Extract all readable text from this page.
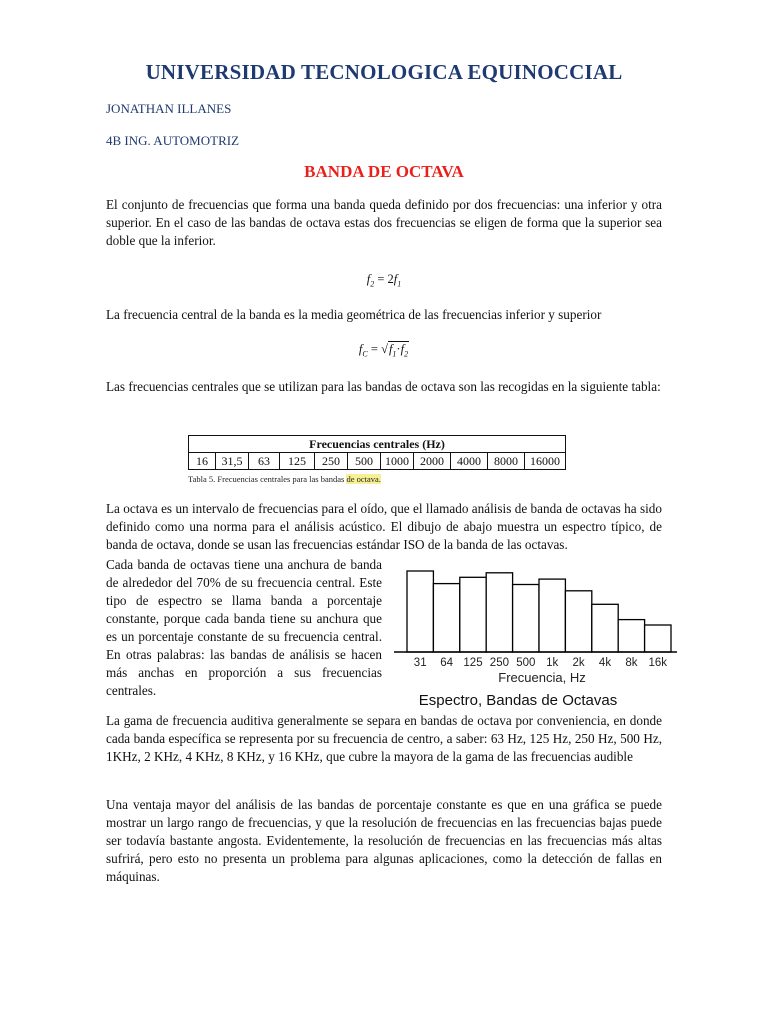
UNIVERSIDAD TECNOLOGICA EQUINOCCIAL
JONATHAN ILLANES
4B ING. AUTOMOTRIZ
BANDA DE OCTAVA
El conjunto de frecuencias que forma una banda queda definido por dos frecuencias: una inferior y otra superior. En el caso de las bandas de octava estas dos frecuencias se eligen de forma que la superior sea doble que la inferior.
$f_2 = 2f_1$
La frecuencia central de la banda es la media geométrica de las frecuencias inferior y superior
$f_C = √f_1\cdot f_2$
Las frecuencias centrales que se utilizan para las bandas de octava son las recogidas en la siguiente tabla:
Frecuencias centrales (Hz)
16	31,5	63	125	250	500	1000	2000	4000	8000	16000
Tabla 5. Frecuencias centrales para las bandas de octava.
La octava es un intervalo de frecuencias para el oído, que el llamado análisis de banda de octavas ha sido definido como una norma para el análisis acústico. El dibujo de abajo muestra un espectro típico, de banda de octava, donde se usan las frecuencias estándar ISO de la banda de las octavas.
Cada banda de octavas tiene una anchura de banda de alrededor del 70% de su frecuencia central. Este tipo de espectro se llama banda a porcentaje constante, porque cada banda tiene su anchura que es un porcentaje constante de su frecuencia central. En otras palabras: las bandas de análisis se hacen más anchas en proporción a sus frecuencias centrales.
31 64 125 250 500 1k 2k 4k 8k 16k
Frecuencia, Hz
Espectro, Bandas de Octavas
La gama de frecuencia auditiva generalmente se separa en bandas de octava por conveniencia, en donde cada banda específica se representa por su frecuencia de centro, a saber: 63 Hz, 125 Hz, 250 Hz, 500 Hz, 1KHz, 2 KHz, 4 KHz, 8 KHz, y 16 KHz, que cubre la mayora de la gama de las frecuencias audible
Una ventaja mayor del análisis de las bandas de porcentaje constante es que en una gráfica se puede mostrar un largo rango de frecuencias, y que la resolución de frecuencias en las frecuencias bajas puede ser todavía bastante angosta. Evidentemente, la resolución de frecuencias en las frecuencias más altas sufrirá, pero esto no presenta un problema para algunas aplicaciones, como la detección de fallas en máquinas.
